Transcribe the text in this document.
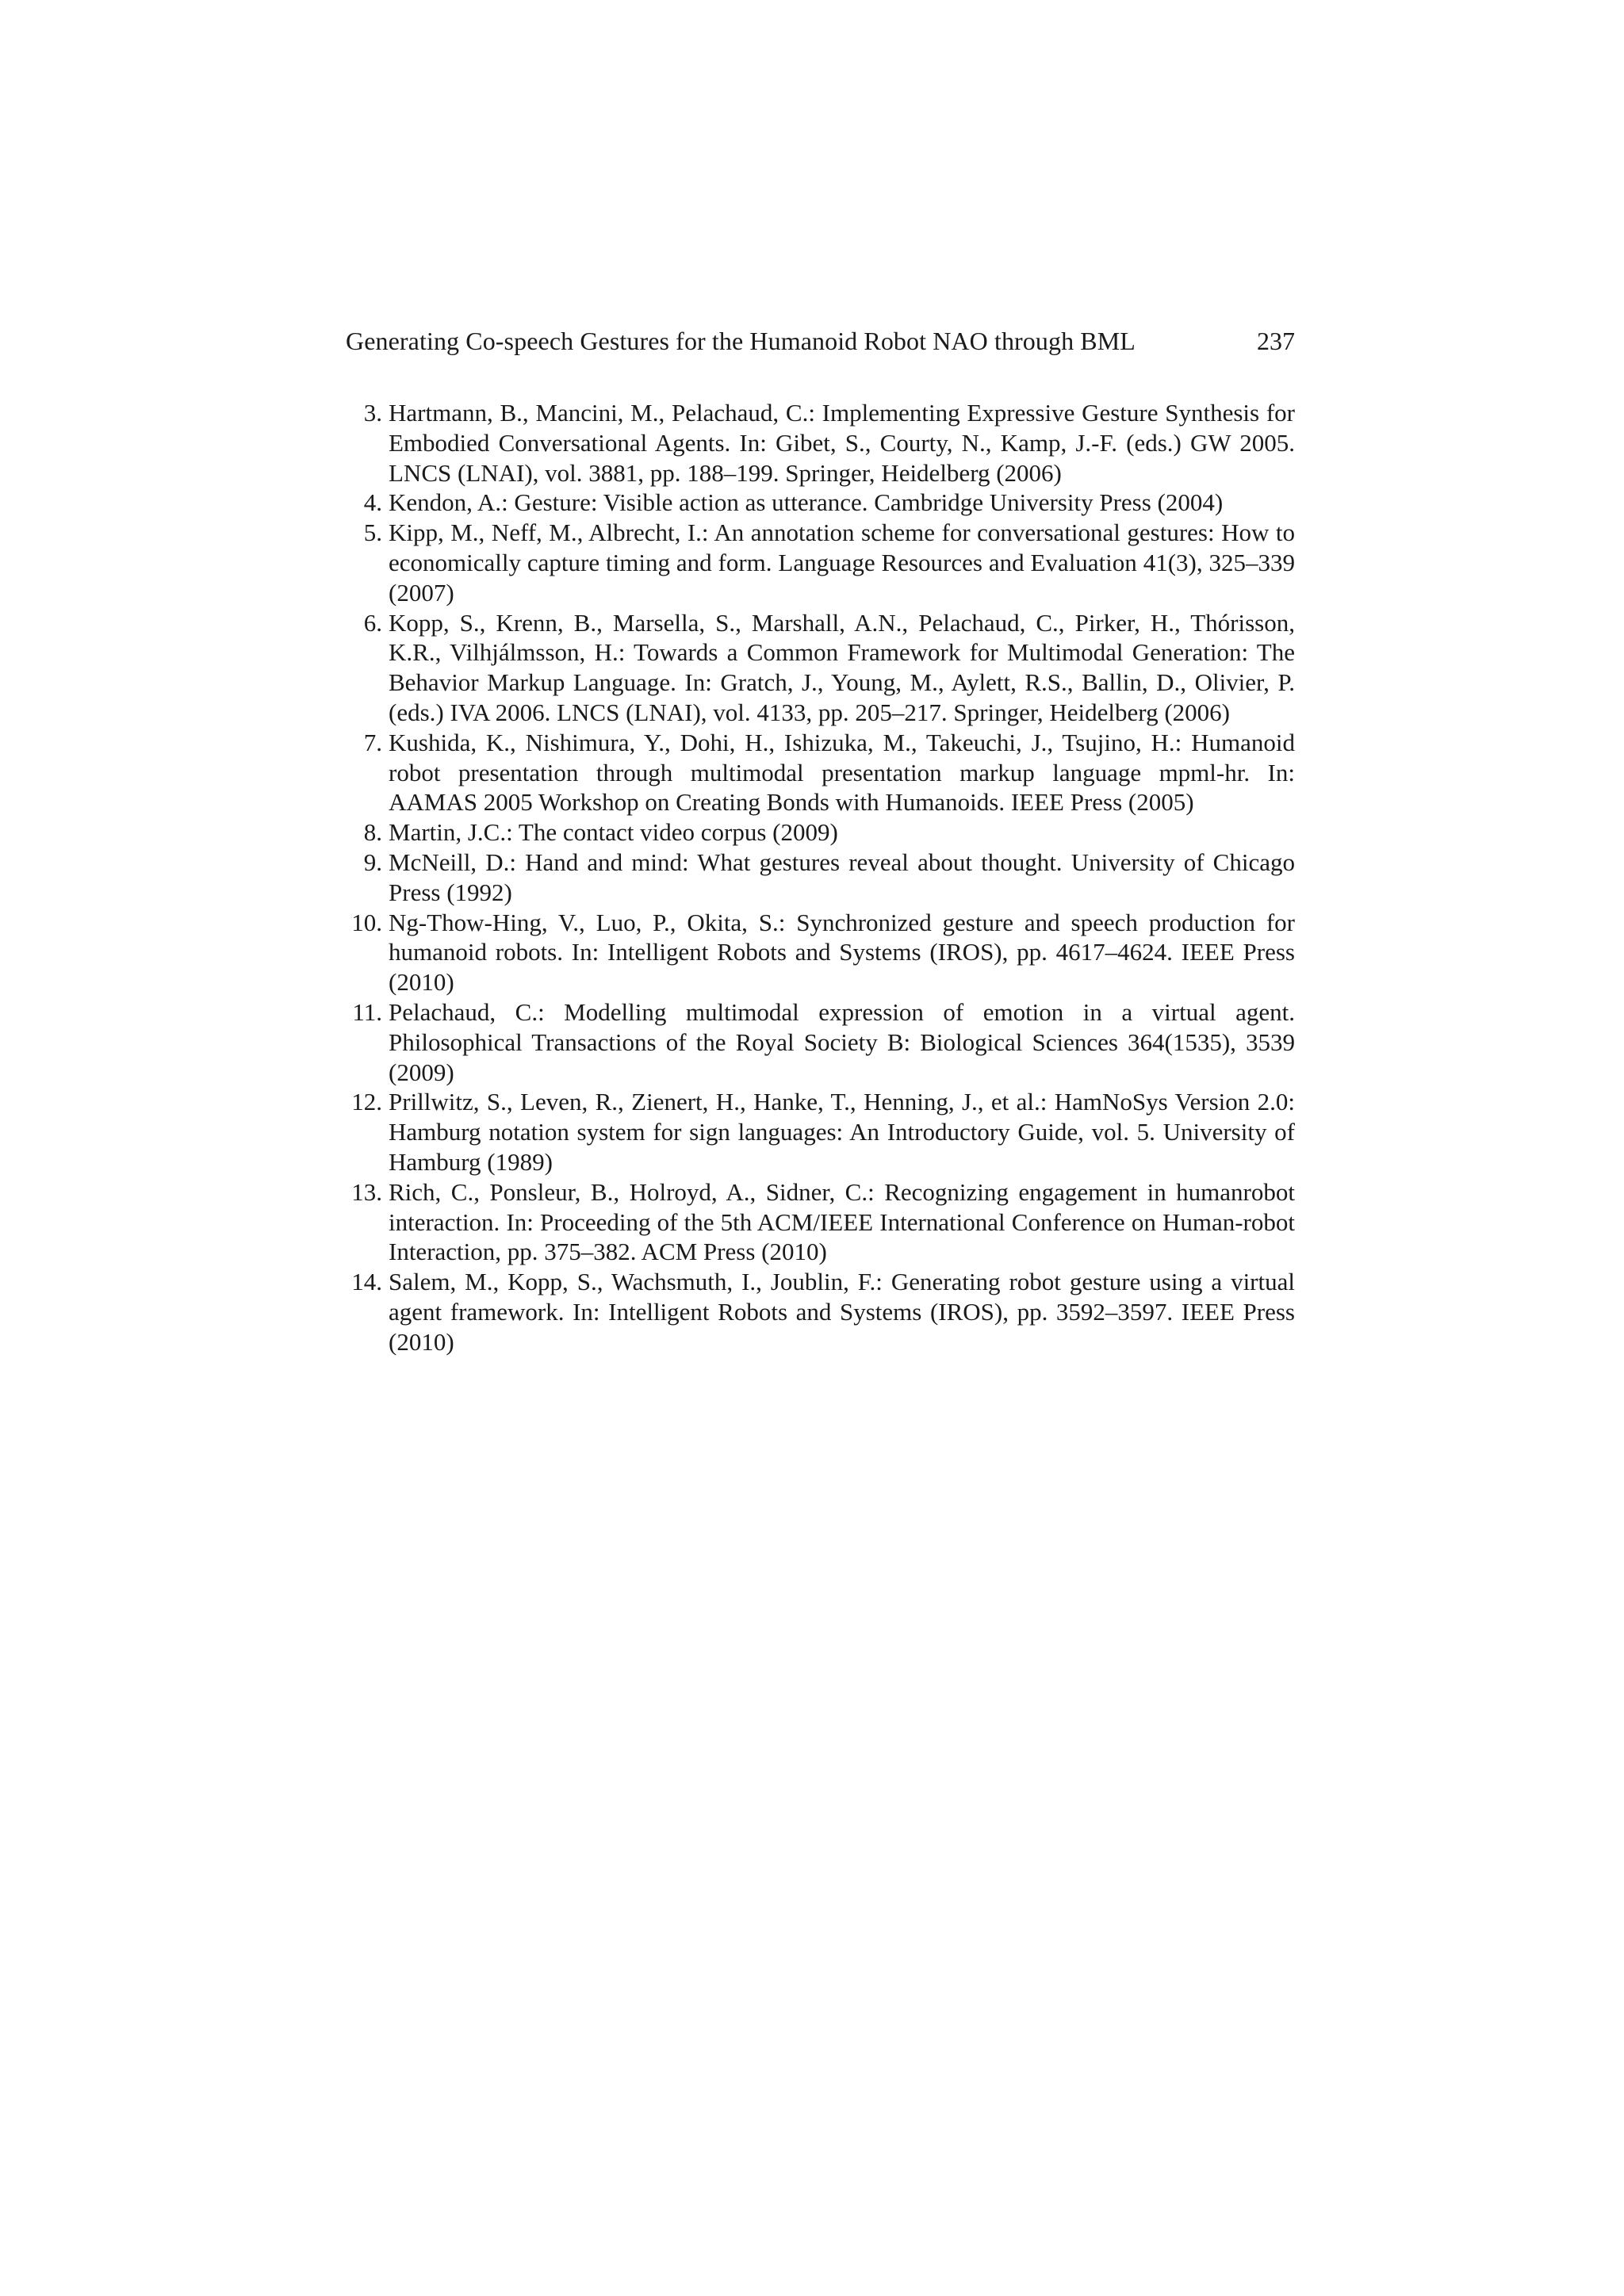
Generating Co-speech Gestures for the Humanoid Robot NAO through BML	237
3. Hartmann, B., Mancini, M., Pelachaud, C.: Implementing Expressive Gesture Synthesis for Embodied Conversational Agents. In: Gibet, S., Courty, N., Kamp, J.-F. (eds.) GW 2005. LNCS (LNAI), vol. 3881, pp. 188–199. Springer, Heidelberg (2006)
4. Kendon, A.: Gesture: Visible action as utterance. Cambridge University Press (2004)
5. Kipp, M., Neff, M., Albrecht, I.: An annotation scheme for conversational gestures: How to economically capture timing and form. Language Resources and Evaluation 41(3), 325–339 (2007)
6. Kopp, S., Krenn, B., Marsella, S., Marshall, A.N., Pelachaud, C., Pirker, H., Thórisson, K.R., Vilhjálmsson, H.: Towards a Common Framework for Multimodal Generation: The Behavior Markup Language. In: Gratch, J., Young, M., Aylett, R.S., Ballin, D., Olivier, P. (eds.) IVA 2006. LNCS (LNAI), vol. 4133, pp. 205–217. Springer, Heidelberg (2006)
7. Kushida, K., Nishimura, Y., Dohi, H., Ishizuka, M., Takeuchi, J., Tsujino, H.: Humanoid robot presentation through multimodal presentation markup language mpml-hr. In: AAMAS 2005 Workshop on Creating Bonds with Humanoids. IEEE Press (2005)
8. Martin, J.C.: The contact video corpus (2009)
9. McNeill, D.: Hand and mind: What gestures reveal about thought. University of Chicago Press (1992)
10. Ng-Thow-Hing, V., Luo, P., Okita, S.: Synchronized gesture and speech production for humanoid robots. In: Intelligent Robots and Systems (IROS), pp. 4617–4624. IEEE Press (2010)
11. Pelachaud, C.: Modelling multimodal expression of emotion in a virtual agent. Philosophical Transactions of the Royal Society B: Biological Sciences 364(1535), 3539 (2009)
12. Prillwitz, S., Leven, R., Zienert, H., Hanke, T., Henning, J., et al.: HamNoSys Version 2.0: Hamburg notation system for sign languages: An Introductory Guide, vol. 5. University of Hamburg (1989)
13. Rich, C., Ponsleur, B., Holroyd, A., Sidner, C.: Recognizing engagement in humanrobot interaction. In: Proceeding of the 5th ACM/IEEE International Conference on Human-robot Interaction, pp. 375–382. ACM Press (2010)
14. Salem, M., Kopp, S., Wachsmuth, I., Joublin, F.: Generating robot gesture using a virtual agent framework. In: Intelligent Robots and Systems (IROS), pp. 3592–​3597. IEEE Press (2010)
